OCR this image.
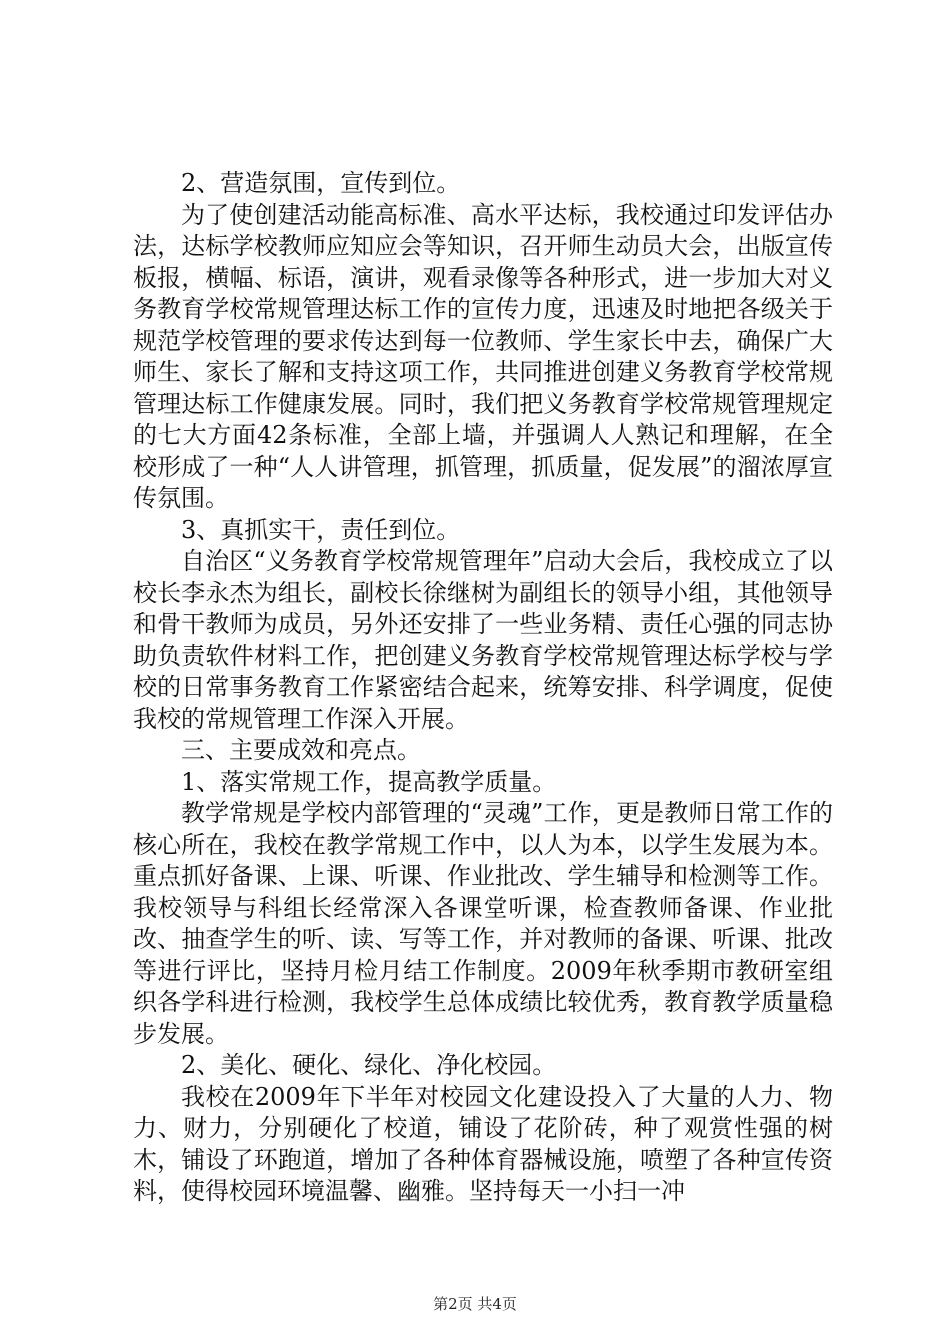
2、营造氛围，宣传到位。

为了使创建活动能高标准、高水平达标，我校通过印发评估办法，达标学校教师应知应会等知识，召开师生动员大会，出版宣传板报，横幅、标语，演讲，观看录像等各种形式，进一步加大对义务教育学校常规管理达标工作的宣传力度，迅速及时地把各级关于规范学校管理的要求传达到每一位教师、学生家长中去，确保广大师生、家长了解和支持这项工作，共同推进创建义务教育学校常规管理达标工作健康发展。同时，我们把义务教育学校常规管理规定的七大方面42条标准，全部上墙，并强调人人熟记和理解，在全校形成了一种“人人讲管理，抓管理，抓质量，促发展”的溜浓厚宣传氛围。

3、真抓实干，责任到位。

自治区“义务教育学校常规管理年”启动大会后，我校成立了以校长李永杰为组长，副校长徐继树为副组长的领导小组，其他领导和骨干教师为成员，另外还安排了一些业务精、责任心强的同志协助负责软件材料工作，把创建义务教育学校常规管理达标学校与学校的日常事务教育工作紧密结合起来，统筹安排、科学调度，促使我校的常规管理工作深入开展。

三、主要成效和亮点。

1、落实常规工作，提高教学质量。

教学常规是学校内部管理的“灵魂”工作，更是教师日常工作的核心所在，我校在教学常规工作中，以人为本，以学生发展为本。重点抓好备课、上课、听课、作业批改、学生辅导和检测等工作。我校领导与科组长经常深入各课堂听课，检查教师备课、作业批改、抽查学生的听、读、写等工作，并对教师的备课、听课、批改等进行评比，坚持月检月结工作制度。2009年秋季期市教研室组织各学科进行检测，我校学生总体成绩比较优秀，教育教学质量稳步发展。

2、美化、硬化、绿化、净化校园。

我校在2009年下半年对校园文化建设投入了大量的人力、物力、财力，分别硬化了校道，铺设了花阶砖，种了观赏性强的树木，铺设了环跑道，增加了各种体育器械设施，喷塑了各种宣传资料，使得校园环境温馨、幽雅。坚持每天一小扫一冲

第2页 共4页
